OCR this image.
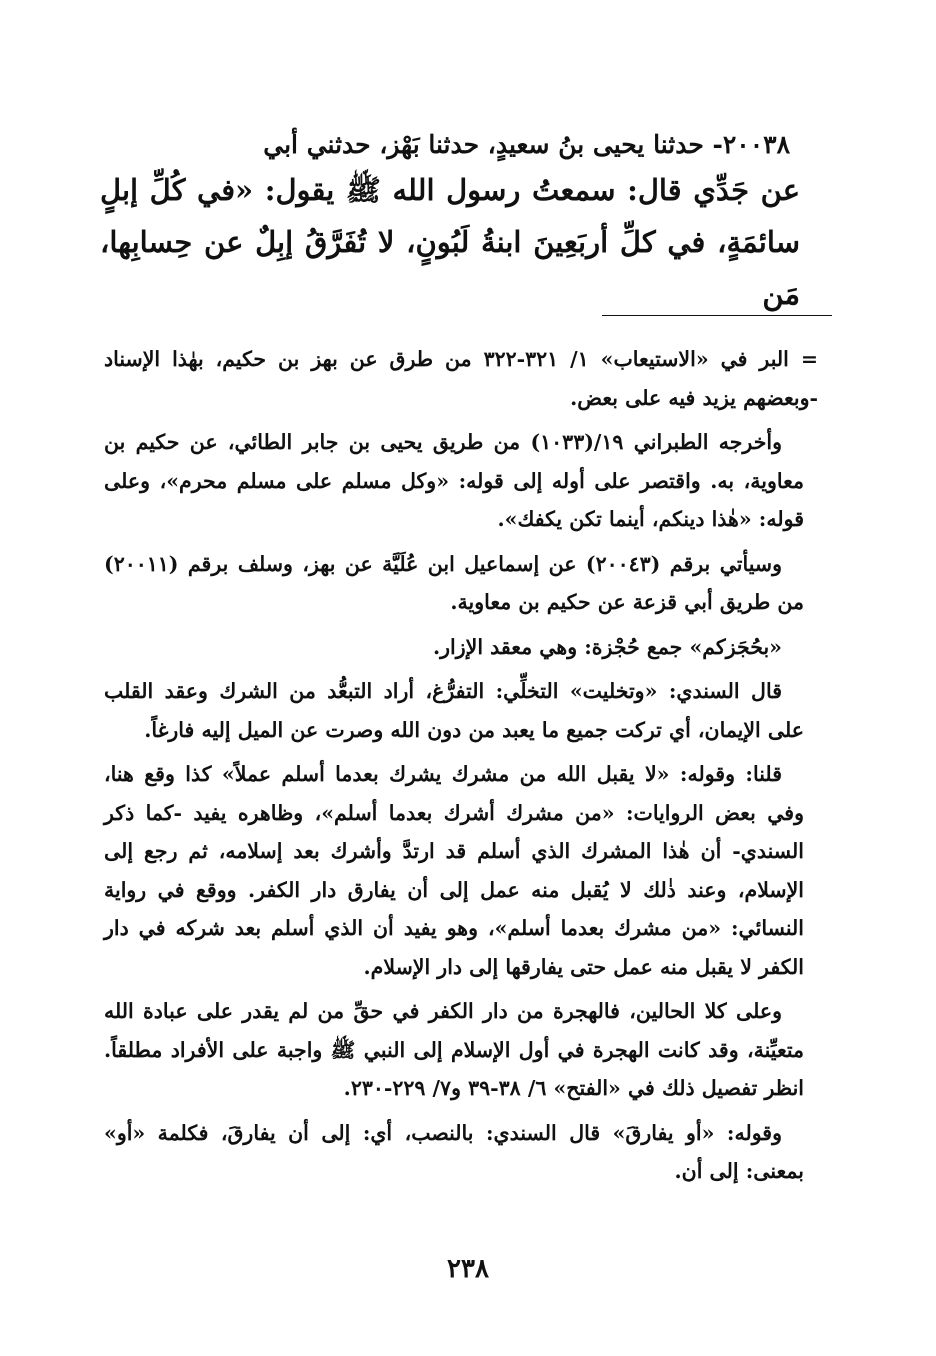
٢٠٠٣٨- حدثنا يحيى بنُ سعيدٍ، حدثنا بَهْز، حدثني أبي

عن جَدِّي قال: سمعتُ رسول الله ﷺ يقول: «في كُلِّ إبلٍ

سائمَةٍ، في كلِّ أربَعِينَ ابنةُ لَبُونٍ، لا تُفَرَّقُ إبِلٌ عن حِسابِها، مَن

= البر في «الاستيعاب» ١/ ٣٢١-٣٢٢ من طرق عن بهز بن حكيم، بهٰذا الإسناد -وبعضهم يزيد فيه على بعض.

وأخرجه الطبراني ١٩/(١٠٣٣) من طريق يحيى بن جابر الطائي، عن حكيم بن معاوية، به. واقتصر على أوله إلى قوله: «وكل مسلم على مسلم محرم»، وعلى قوله: «هٰذا دينكم، أينما تكن يكفك».

وسيأتي برقم (٢٠٠٤٣) عن إسماعيل ابن عُلَيَّة عن بهز، وسلف برقم (٢٠٠١١) من طريق أبي قزعة عن حكيم بن معاوية.

«بحُجَزكم» جمع حُجْزة: وهي معقد الإزار.

قال السندي: «وتخليت» التخلِّي: التفرُّغ، أراد التبعُّد من الشرك وعقد القلب على الإيمان، أي تركت جميع ما يعبد من دون الله وصرت عن الميل إليه فارغاً.

قلنا: وقوله: «لا يقبل الله من مشرك يشرك بعدما أسلم عملاً» كذا وقع هنا، وفي بعض الروايات: «من مشرك أشرك بعدما أسلم»، وظاهره يفيد -كما ذكر السندي- أن هٰذا المشرك الذي أسلم قد ارتدَّ وأشرك بعد إسلامه، ثم رجع إلى الإسلام، وعند ذٰلك لا يُقبل منه عمل إلى أن يفارق دار الكفر. ووقع في رواية النسائي: «من مشرك بعدما أسلم»، وهو يفيد أن الذي أسلم بعد شركه في دار الكفر لا يقبل منه عمل حتى يفارقها إلى دار الإسلام.

وعلى كلا الحالين، فالهجرة من دار الكفر في حقِّ من لم يقدر على عبادة الله متعيِّنة، وقد كانت الهجرة في أول الإسلام إلى النبي ﷺ واجبة على الأفراد مطلقاً. انظر تفصيل ذلك في «الفتح» ٦/ ٣٨-٣٩ و٧/ ٢٢٩-٢٣٠.

وقوله: «أو يفارقَ» قال السندي: بالنصب، أي: إلى أن يفارقَ، فكلمة «أو» بمعنى: إلى أن.

٢٣٨
